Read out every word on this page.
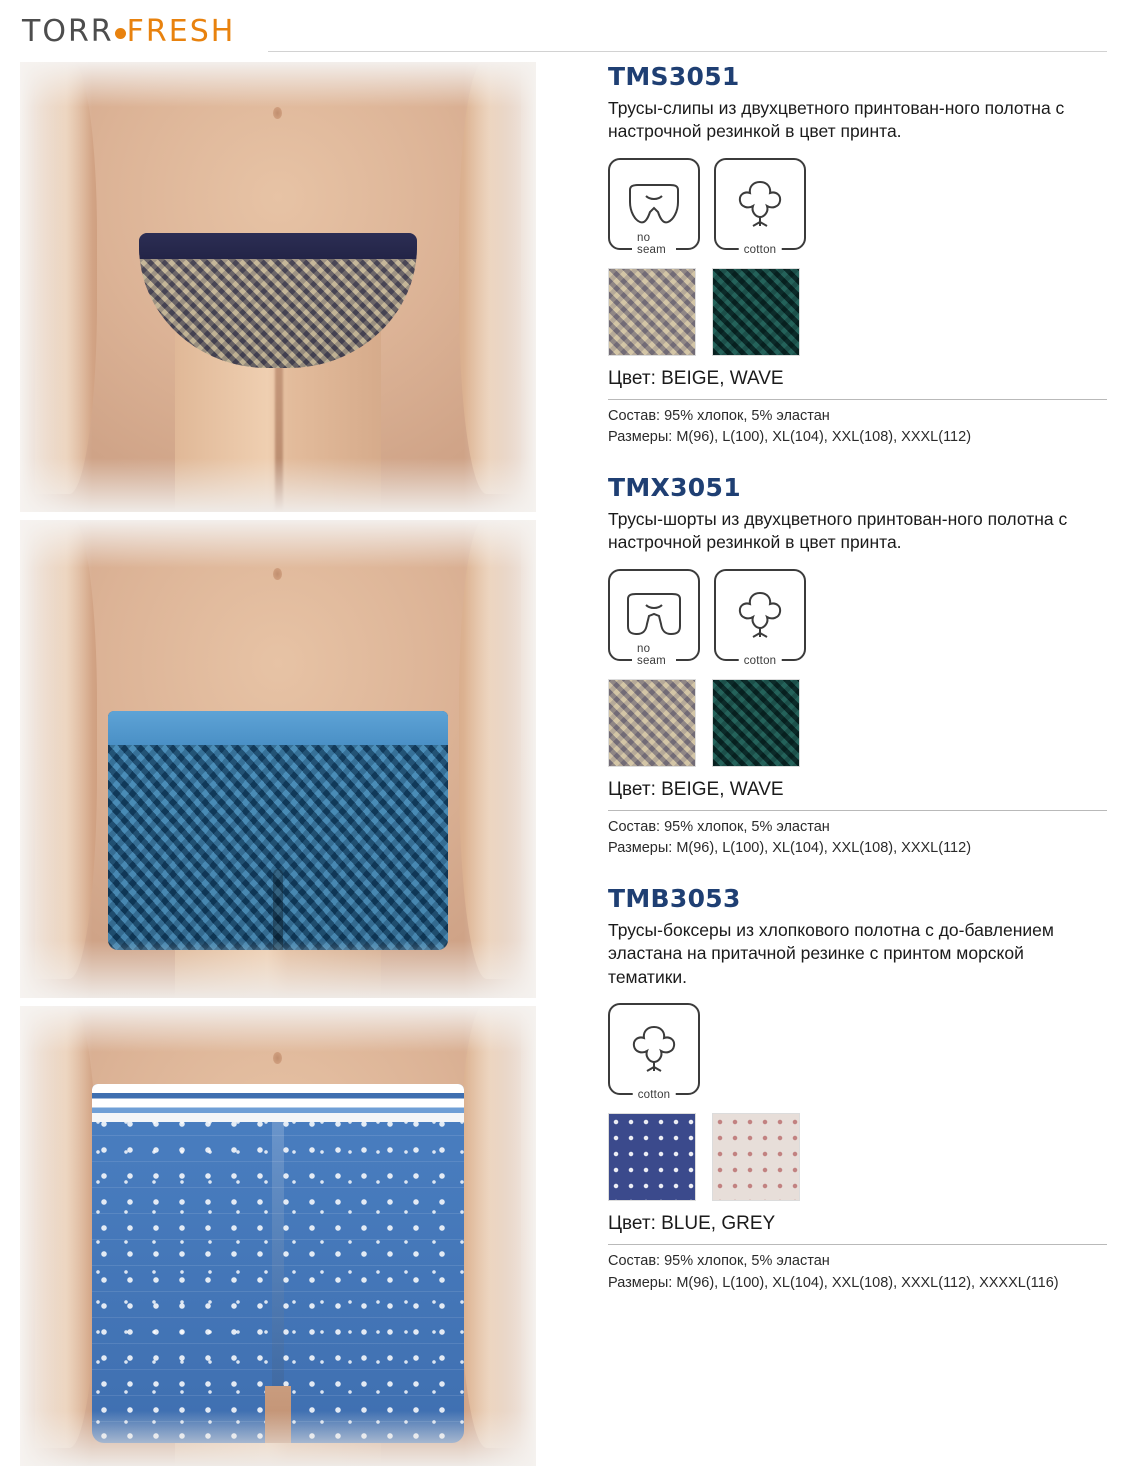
TORR FRESH
TMS3051
Трусы-слипы из двухцветного принтован-ного полотна с настрочной резинкой в цвет принта.
no seam	cotton
Цвет: BEIGE, WAVE
Состав: 95% хлопок, 5% эластан
Размеры: M(96), L(100), XL(104), XXL(108), XXXL(112)
TMX3051
Трусы-шорты из двухцветного принтован-ного полотна с настрочной резинкой в цвет принта.
no seam	cotton
Цвет: BEIGE, WAVE
Состав: 95% хлопок, 5% эластан
Размеры: M(96), L(100), XL(104), XXL(108), XXXL(112)
TMB3053
Трусы-боксеры из хлопкового полотна с до-бавлением эластана на притачной резинке с принтом морской тематики.
cotton
Цвет: BLUE, GREY
Состав: 95% хлопок, 5% эластан
Размеры: M(96), L(100), XL(104), XXL(108), XXXL(112), XXXXL(116)
